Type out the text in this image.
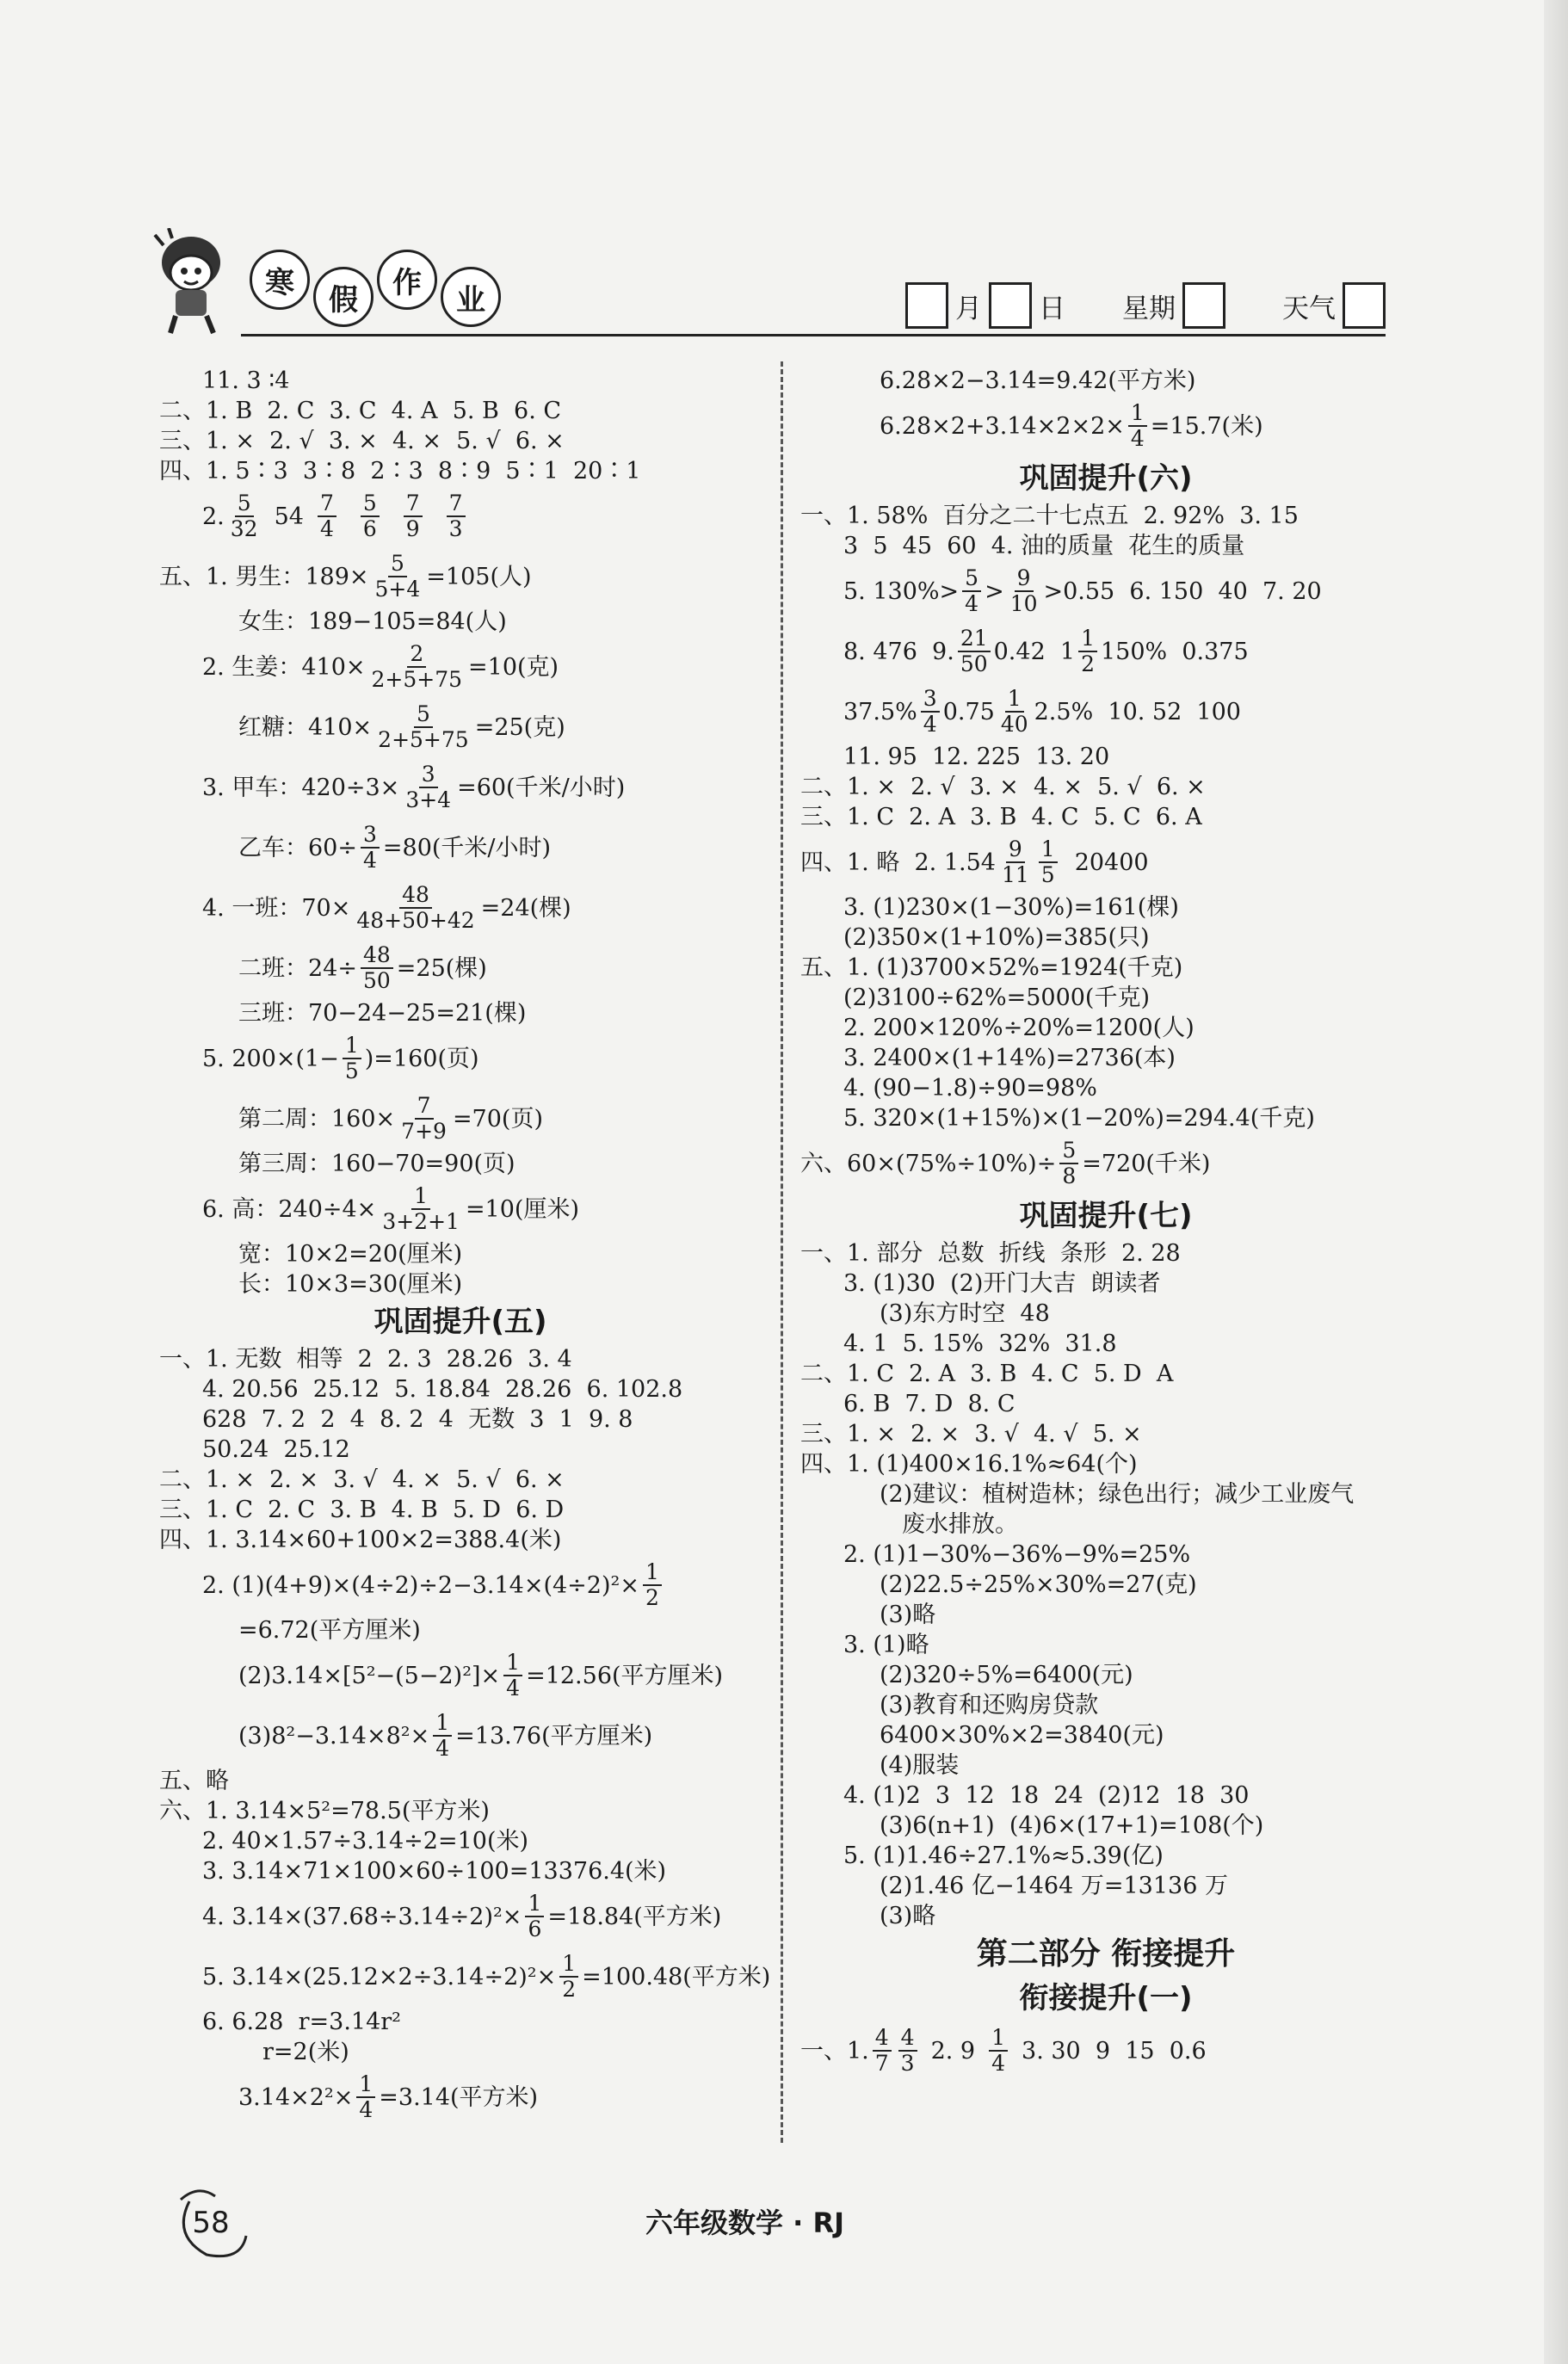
寒	假	作	业	月 日 星期	天气
11. 3 ∶4
二、1. B  2. C  3. C  4. A  5. B  6. C
三、1. ×  2. √  3. ×  4. ×  5. √  6. ×
四、1. 5∶3  3∶8  2∶3  8∶9  5∶1  20∶1
2. $\frac{5}{32} 54 \frac{7}{4} \frac{5}{6} \frac{7}{9} \frac{7}{3}$
五、1. 男生：$189\times \frac{5}{5+4} =105$(人)
女生：189−105=84(人)
2. 生姜：$410\times \frac{2}{2+5+75} =10$(克)
红糖：$410\times \frac{5}{2+5+75} =25$(克)
3. 甲车：$420\div 3\times \frac{3}{3+4} =60$(千米/小时)
乙车：$60\div \frac{3}{4} =80$(千米/小时)
4. 一班：$70\times \frac{48}{48+50+42} =24$(棵)
二班：$24\div \frac{48}{50} =25$(棵)
三班：70−24−25=21(棵)
5. $200\times(1- \frac{1}{5} )=160$(页)
第二周：$160\times \frac{7}{7+9} =70$(页)
第三周：160−70=90(页)
6. 高：$240\div 4\times \frac{1}{3+2+1} =10$(厘米)
宽：10×2=20(厘米)
长：10×3=30(厘米)
巩固提升(五)
一、1. 无数  相等  2  2. 3  28.26  3. 4
4. 20.56  25.12  5. 18.84  28.26  6. 102.8
628  7. 2  2  4  8. 2  4  无数  3  1  9. 8
50.24  25.12
二、1. ×  2. ×  3. √  4. ×  5. √  6. ×
三、1. C  2. C  3. B  4. B  5. D  6. D
四、1. 3.14×60+100×2=388.4(米)
2. $(1)(4+9)\times(4\div 2)\div 2-3.14\times(4\div 2)^2\times \frac{1}{2}$
=6.72(平方厘米)
$(2)3.14\times[5^2-(5-2)^2]\times \frac{1}{4} =12.56$(平方厘米)
$(3)8^2-3.14\times 8^2\times \frac{1}{4} =13.76$(平方厘米)
五、略
六、1. 3.14×5²=78.5(平方米)
2. 40×1.57÷3.14÷2=10(米)
3. 3.14×71×100×60÷100=13376.4(米)
4. $3.14\times(37.68\div 3.14\div 2)^2\times \frac{1}{6} =18.84$(平方米)
5. $3.14\times(25.12\times 2\div 3.14\div 2)^2\times \frac{1}{2} =100.48$(平方米)
6. 6.28  r=3.14r²
r=2(米)
$3.14\times 2^2\times \frac{1}{4} =3.14$(平方米)
6.28×2−3.14=9.42(平方米)
$6.28\times 2+3.14\times 2\times 2\times \frac{1}{4} =15.7$(米)
巩固提升(六)
一、1. 58%  百分之二十七点五  2. 92%  3. 15
3  5  45  60  4. 油的质量  花生的质量
5. $130\%> \frac{5}{4} > \frac{9}{10} >0.55$  6. 150  40  7. 20
8. 476  9. $\frac{21}{50} 0.42$  $1 \frac{1}{2} 150\%$  0.375
$37.5\% \frac{3}{4} 0.75 \frac{1}{40} 2.5\%$  10. 52  100
11. 95  12. 225  13. 20
二、1. ×  2. √  3. ×  4. ×  5. √  6. ×
三、1. C  2. A  3. B  4. C  5. C  6. A
四、1. 略  2. $1.54 \frac{9}{11} \frac{1}{5} 20400$
3. (1)230×(1−30%)=161(棵)
(2)350×(1+10%)=385(只)
五、1. (1)3700×52%=1924(千克)
(2)3100÷62%=5000(千克)
2. 200×120%÷20%=1200(人)
3. 2400×(1+14%)=2736(本)
4. (90−1.8)÷90=98%
5. 320×(1+15%)×(1−20%)=294.4(千克)
六、$60\times(75\%\div 10\%)\div \frac{5}{8} =720$(千米)
巩固提升(七)
一、1. 部分  总数  折线  条形  2. 28
3. (1)30  (2)开门大吉  朗读者
(3)东方时空  48
4. 1  5. 15%  32%  31.8
二、1. C  2. A  3. B  4. C  5. D  A
6. B  7. D  8. C
三、1. ×  2. ×  3. √  4. √  5. ×
四、1. (1)400×16.1%≈64(个)
(2)建议：植树造林；绿色出行；减少工业废气
废水排放。
2. (1)1−30%−36%−9%=25%
(2)22.5÷25%×30%=27(克)
(3)略
3. (1)略
(2)320÷5%=6400(元)
(3)教育和还购房贷款
6400×30%×2=3840(元)
(4)服装
4. (1)2  3  12  18  24  (2)12  18  30
(3)6(n+1)  (4)6×(17+1)=108(个)
5. (1)1.46÷27.1%≈5.39(亿)
(2)1.46 亿−1464 万=13136 万
(3)略
第二部分 衔接提升
衔接提升(一)
一、1. $\frac{4}{7} \frac{4}{3} 2$. $9 \frac{1}{4} 3$. 30  9  15  0.6
58	六年级数学 · RJ
